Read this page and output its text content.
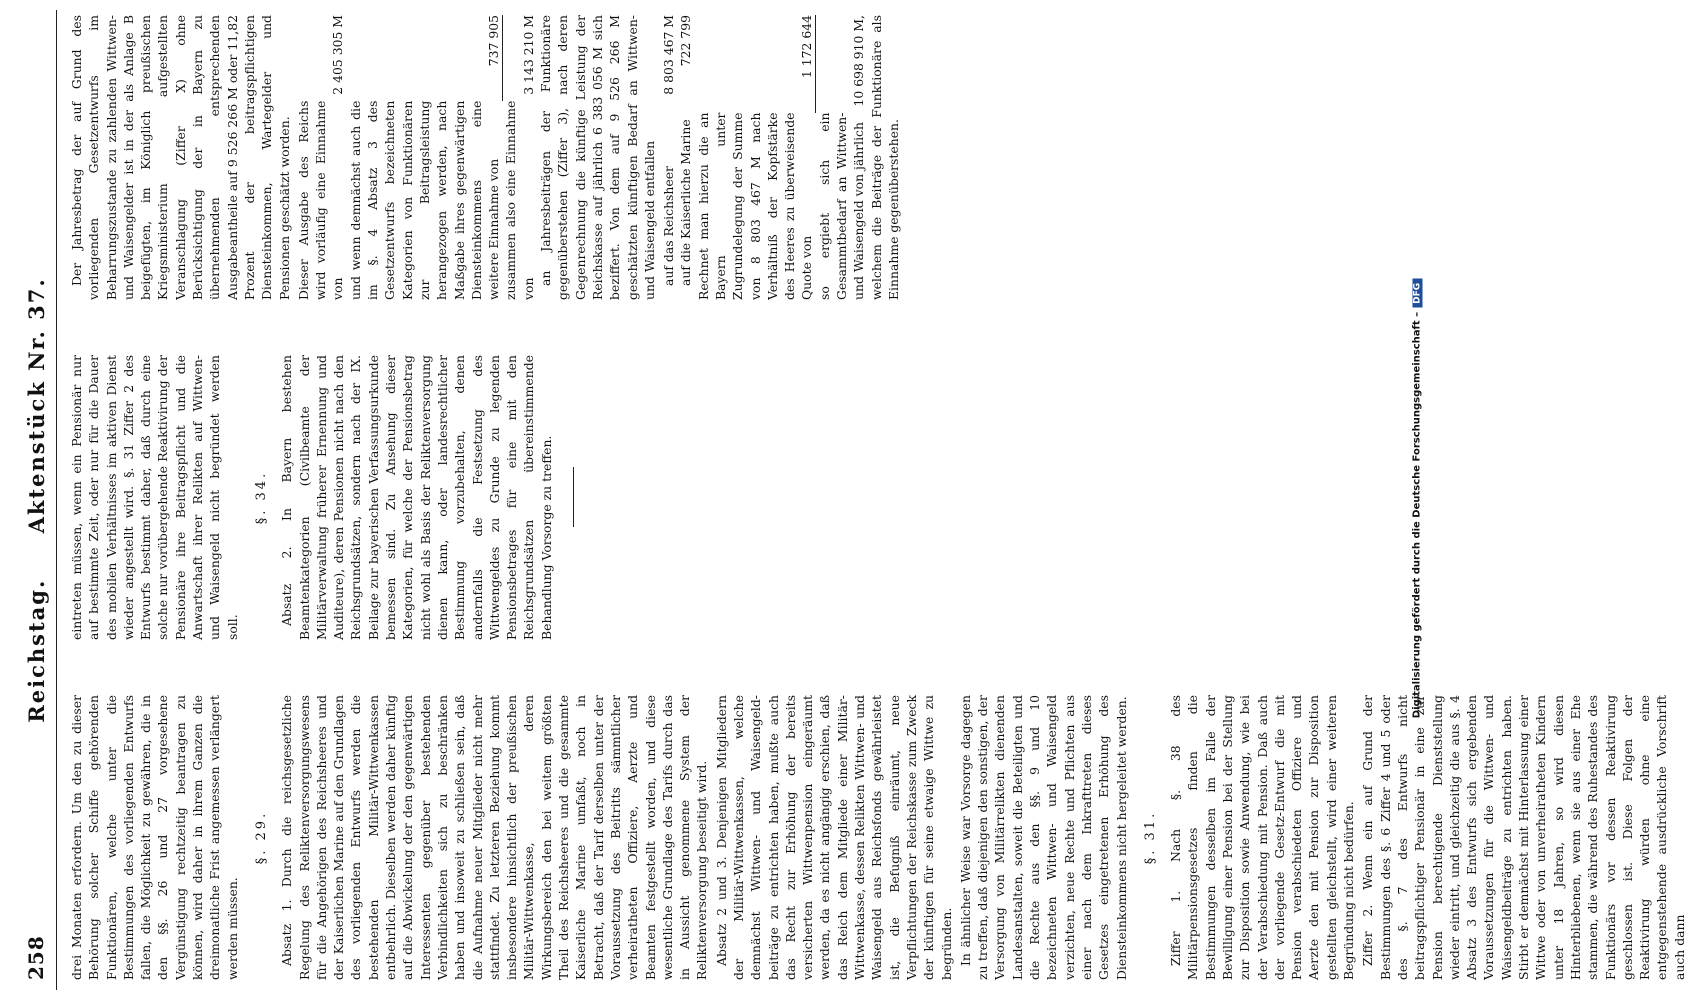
258
Reichstag. Aktenstück Nr. 37.

drei Monaten erfordern. Um den zu dieser Behörung solcher Schiffe gehörenden Funktionären, welche unter die Bestimmungen des vorliegenden Entwurfs fallen, die Möglichkeit zu gewähren, die in den §§. 26 und 27 vorgesehene Vergünstigung rechtzeitig beantragen zu können, wird daher in ihrem Ganzen die dreimonatliche Frist angemessen verlängert werden müssen.

§. 29. Absatz 1. Durch die reichsgesetzliche Regelung des Reliktenversorgungswesens für die Angehörigen des Reichsheeres und der Kaiserlichen Marine auf den Grundlagen des vorliegenden Entwurfs werden die bestehenden Militär-Wittwenkassen entbehrlich. Dieselben werden daher künftig auf die Abwickelung der den gegenwärtigen Interessenten gegenüber bestehenden Verbindlichkeiten sich zu beschränken haben und insoweit zu schließen sein, daß die Aufnahme neuer Mitglieder nicht mehr stattfindet. Zu letzteren Beziehung kommt insbesondere hinsichtlich der preußischen Militär-Wittwenkasse, deren Wirkungsbereich den bei weitem größten Theil des Reichsheeres und die gesammte Kaiserliche Marine umfaßt, noch in Betracht, daß der Tarif derselben unter der Voraussetzung des Beitritts sämmtlicher verheiratheten Offiziere, Aerzte und Beamten festgestellt worden, und diese wesentliche Grundlage des Tarifs durch das in Aussicht genommene System der Reliktenversorgung beseitigt wird. Absatz 2 und 3. Denjenigen Mitgliedern der Militär-Wittwenkassen, welche demnächst Wittwen- und Waisengeld-beiträge zu entrichten haben, mußte auch das Recht zur Erhöhung der bereits versicherten Wittwenpension eingeräumt werden, da es nicht angängig erschien, daß das Reich dem Mitgliede einer Militär-Wittwenkasse, dessen Relikten Wittwen- und Waisengeld aus Reichsfonds gewährleistet ist, die Befugniß einräumt, neue Verpflichtungen der Reichskasse zum Zweck der künftigen für seine etwaige Wittwe zu begründen. In ähnlicher Weise war Vorsorge dagegen zu treffen, daß diejenigen den sonstigen, der Versorgung von Militärrelikten dienenden Landesanstalten, soweit die Beteiligten und die Rechte aus den §§. 9 und 10 bezeichneten Wittwen- und Waisengeld verzichten, neue Rechte und Pflichten aus einer nach dem Inkrafttreten dieses Gesetzes eingetretenen Erhöhung des Diensteinkommens nicht hergeleitet werden. §. 31. Ziffer 1. Nach §. 38 des Militärpensionsgesetzes finden die Bestimmungen desselben im Falle der Bewilligung einer Pension bei der Stellung zur Disposition sowie Anwendung, wie bei der Verabschiedung mit Pension. Daß auch der vorliegende Gesetz-Entwurf die mit Pension verabschiedeten Offiziere und Aerzte den mit Pension zur Disposition gestellten gleichstellt, wird einer weiteren Begründung nicht bedürfen. Ziffer 2. Wenn ein auf Grund der Bestimmungen des §. 6 Ziffer 4 und 5 oder des §. 7 des Entwurfs nicht beitragspflichtiger Pensionär in eine zur Pension berechtigende Dienststellung wieder eintritt, und gleichzeitig die aus §. 4 Absatz 3 des Entwurfs sich ergebenden Voraussetzungen für die Wittwen- und Waisengeldbeiträge zu entrichten haben. Stirbt er demnächst mit Hinterlassung einer Wittwe oder von unverheiratheten Kindern unter 18 Jahren, so wird diesen Hinterbliebenen, wenn sie aus einer Ehe stammen, die während des Ruhestandes des Funktionärs vor dessen Reaktivirung geschlossen ist. Diese Folgen der Reaktivirung würden ohne eine entgegenstehende ausdrückliche Vorschrift auch dann

eintreten müssen, wenn ein Pensionär nur auf bestimmte Zeit, oder nur für die Dauer des mobilen Verhältnisses im aktiven Dienst wieder angestellt wird. §. 31 Ziffer 2 des Entwurfs bestimmt daher, daß durch eine solche nur vorübergehende Reaktivirung der Pensionäre ihre Beitragspflicht und die Anwartschaft ihrer Relikten auf Wittwen- und Waisengeld nicht begründet werden soll.

§. 34. Absatz 2. In Bayern bestehen Beamtenkategorien (Civilbeamte der Militärverwaltung früherer Ernennung und Auditeure), deren Pensionen nicht nach den Reichsgrundsätzen, sondern nach der IX. Beilage zur bayerischen Verfassungsurkunde bemessen sind. Zu Ansehung dieser Kategorien, für welche der Pensionsbetrag nicht wohl als Basis der Reliktenversorgung dienen kann, oder landesrechtlicher Bestimmung vorzubehalten, denen andernfalls die Festsetzung des Wittwengeldes zu Grunde zu legenden Pensionsbetrages für eine mit den Reichsgrundsätzen übereinstimmende Behandlung Vorsorge zu treffen.

Der Jahresbetrag der auf Grund des vorliegenden Gesetzentwurfs im Beharrungszustande zu zahlenden Wittwen- und Waisengelder ist in der als Anlage B beigefügten, im Königlich preußischen Kriegsministerium aufgestellten Veranschlagung (Ziffer X) ohne Berücksichtigung der in Bayern zu übernehmenden entsprechenden Ausgabeantheile auf 9 526 266 M oder 11,82 Prozent der beitragspflichtigen Diensteinkommen, Wartegelder und Pensionen geschätzt worden. Dieser Ausgabe des Reichs wird vorläufig eine Einnahme von	2 405 305 M
und wenn demnächst auch die im §. 4 Absatz 3 des Gesetzentwurfs bezeichneten Kategorien von Funktionären zur Beitragsleistung herangezogen werden, nach Maßgabe ihres gegenwärtigen Diensteinkommens eine weitere Einnahme von	737 905
zusammen also eine Einnahme von	3 143 210 M an Jahresbeiträgen der Funktionäre gegenüberstehen (Ziffer 3), nach deren Gegenrechnung die künftige Leistung der Reichskasse auf jährlich 6 383 056 M sich beziffert. Von dem auf 9 526 266 M geschätzten künftigen Bedarf an Wittwen- und Waisengeld entfallen auf das Reichsheer	8 803 467 M
auf die Kaiserliche Marine	722 799
Rechnet man hierzu die an Bayern unter Zugrundelegung der Summe von 8 803 467 M nach Verhältniß der Kopfstärke des Heeres zu überweisende Quote von	1 172 644
so ergiebt sich ein Gesammtbedarf an Wittwen- und Waisengeld von jährlich	10 698 910 M, welchem die Beiträge der Funktionäre als Einnahme gegenüberstehen.

Digitalisierung gefördert durch die Deutsche Forschungsgemeinschaft –DFG
